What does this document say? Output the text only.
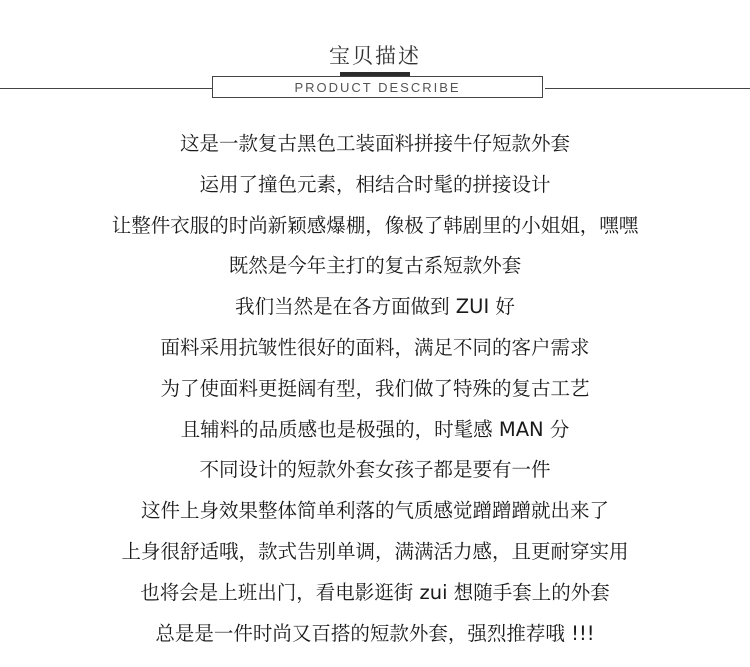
宝贝描述
PRODUCT DESCRIBE
这是一款复古黑色工装面料拼接牛仔短款外套
运用了撞色元素，相结合时髦的拼接设计
让整件衣服的时尚新颖感爆棚，像极了韩剧里的小姐姐，嘿嘿
既然是今年主打的复古系短款外套
我们当然是在各方面做到 ZUI 好
面料采用抗皱性很好的面料，满足不同的客户需求
为了使面料更挺阔有型，我们做了特殊的复古工艺
且辅料的品质感也是极强的，时髦感 MAN 分
不同设计的短款外套女孩子都是要有一件
这件上身效果整体简单利落的气质感觉蹭蹭蹭就出来了
上身很舒适哦，款式告别单调，满满活力感，且更耐穿实用
也将会是上班出门，看电影逛街 zui 想随手套上的外套
总是是一件时尚又百搭的短款外套，强烈推荐哦 !!!
